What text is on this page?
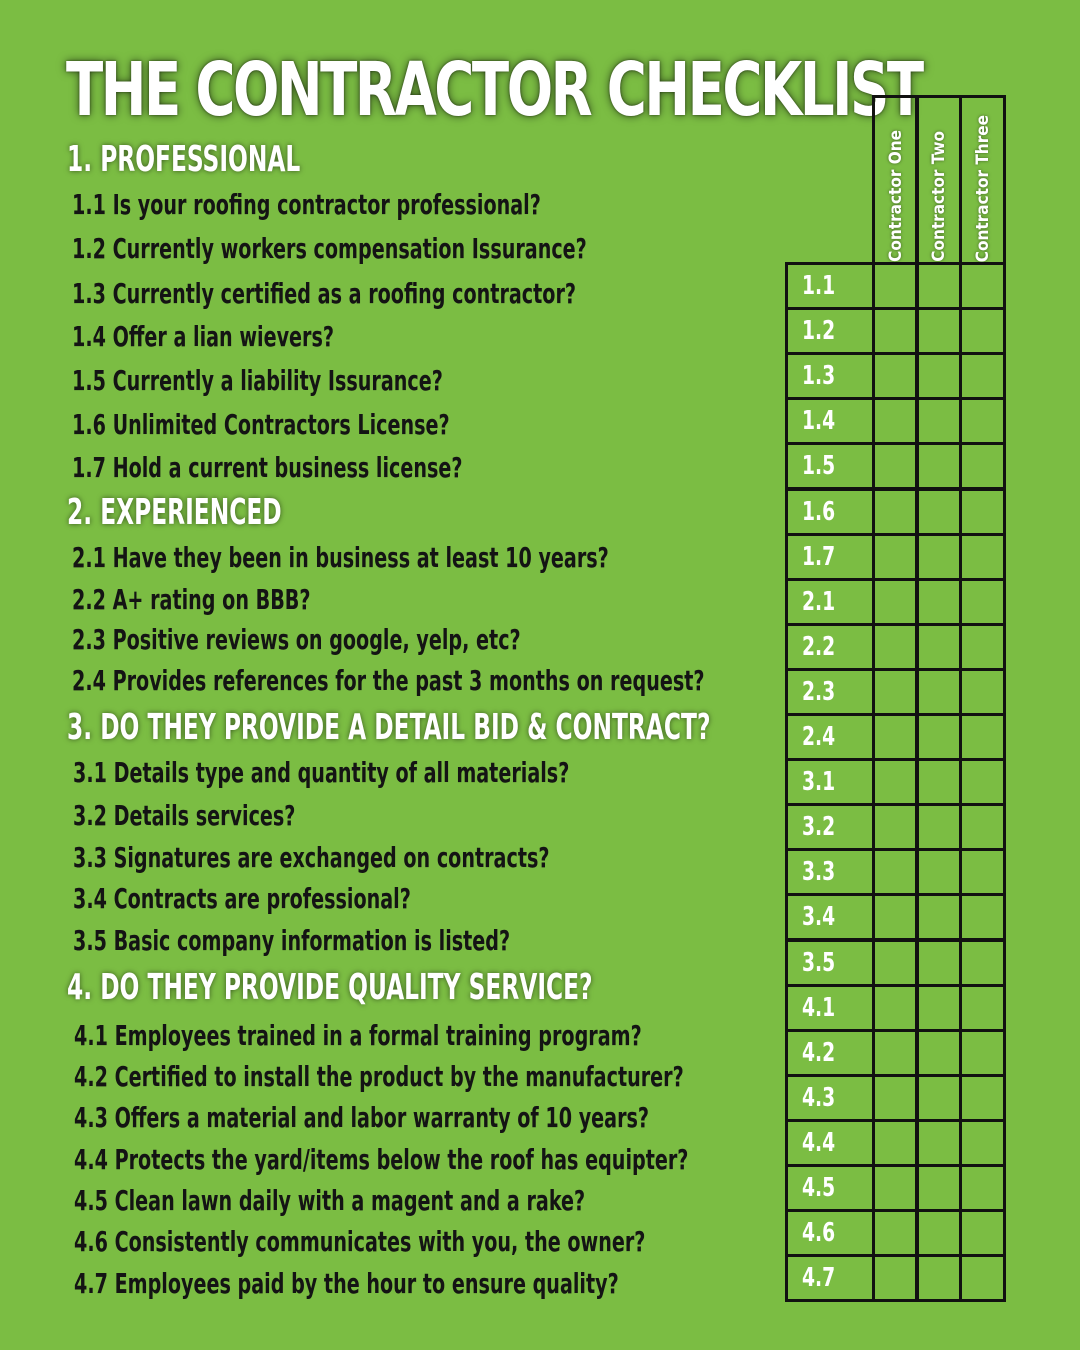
THE CONTRACTOR CHECKLIST
1. PROFESSIONAL
1.1 Is your roofing contractor professional?
1.2 Currently workers compensation Issurance?
1.3 Currently certified as a roofing contractor?
1.4 Offer a lian wievers?
1.5 Currently a liability Issurance?
1.6 Unlimited Contractors License?
1.7 Hold a current business license?
2. EXPERIENCED
2.1 Have they been in business at least 10 years?
2.2 A+ rating on BBB?
2.3 Positive reviews on google, yelp, etc?
2.4 Provides references for the past 3 months on request?
3. DO THEY PROVIDE A DETAIL BID & CONTRACT?
3.1 Details type and quantity of all materials?
3.2 Details services?
3.3 Signatures are exchanged on contracts?
3.4 Contracts are professional?
3.5 Basic company information is listed?
4. DO THEY PROVIDE QUALITY SERVICE?
4.1 Employees trained in a formal training program?
4.2 Certified to install the product by the manufacturer?
4.3 Offers a material and labor warranty of 10 years?
4.4 Protects the yard/items below the roof has equipter?
4.5 Clean lawn daily with a magent and a rake?
4.6 Consistently communicates with you, the owner?
4.7 Employees paid by the hour to ensure quality?
Contractor One Contractor Two Contractor Three
1.1
1.2
1.3
1.4
1.5
1.6
1.7
2.1
2.2
2.3
2.4
3.1
3.2
3.3
3.4
3.5
4.1
4.2
4.3
4.4
4.5
4.6
4.7
